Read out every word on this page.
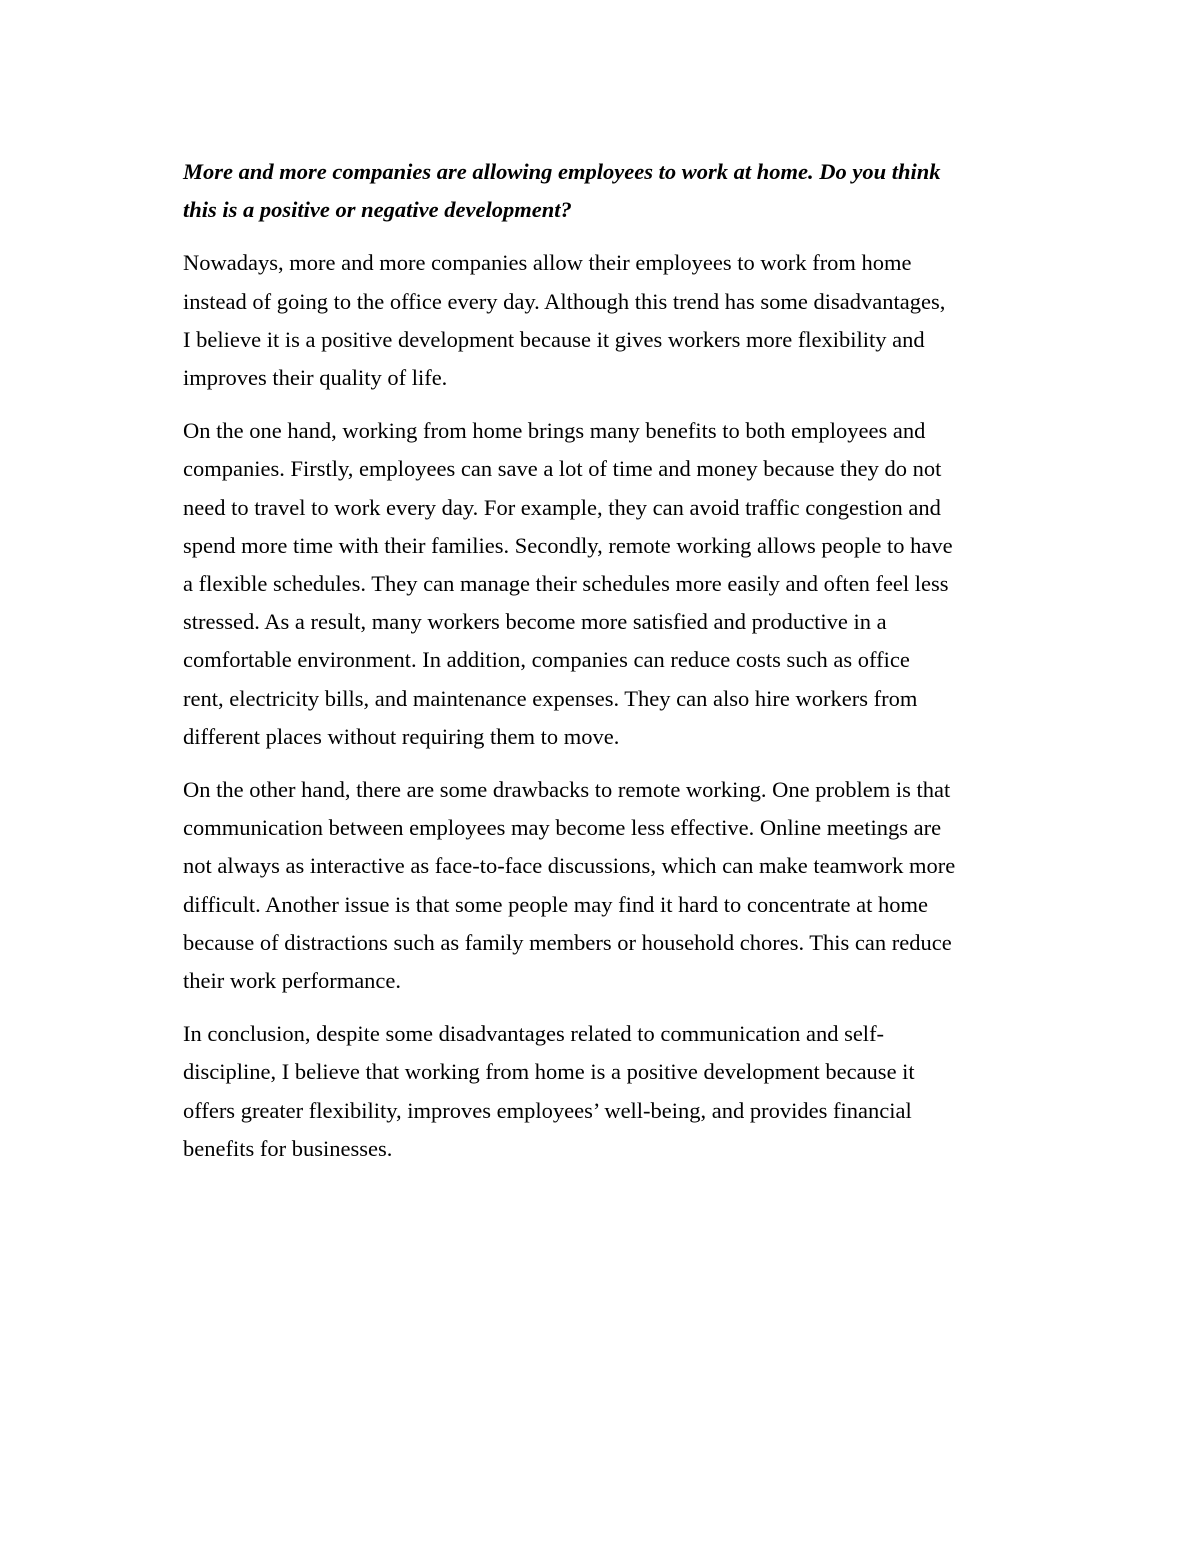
More and more companies are allowing employees to work at home. Do you think
this is a positive or negative development?

Nowadays, more and more companies allow their employees to work from home
instead of going to the office every day. Although this trend has some disadvantages,
I believe it is a positive development because it gives workers more flexibility and
improves their quality of life.

On the one hand, working from home brings many benefits to both employees and
companies. Firstly, employees can save a lot of time and money because they do not
need to travel to work every day. For example, they can avoid traffic congestion and
spend more time with their families. Secondly, remote working allows people to have
a flexible schedules. They can manage their schedules more easily and often feel less
stressed. As a result, many workers become more satisfied and productive in a
comfortable environment. In addition, companies can reduce costs such as office
rent, electricity bills, and maintenance expenses. They can also hire workers from
different places without requiring them to move.

On the other hand, there are some drawbacks to remote working. One problem is that
communication between employees may become less effective. Online meetings are
not always as interactive as face-to-face discussions, which can make teamwork more
difficult. Another issue is that some people may find it hard to concentrate at home
because of distractions such as family members or household chores. This can reduce
their work performance.

In conclusion, despite some disadvantages related to communication and self-
discipline, I believe that working from home is a positive development because it
offers greater flexibility, improves employees’ well-being, and provides financial
benefits for businesses.
